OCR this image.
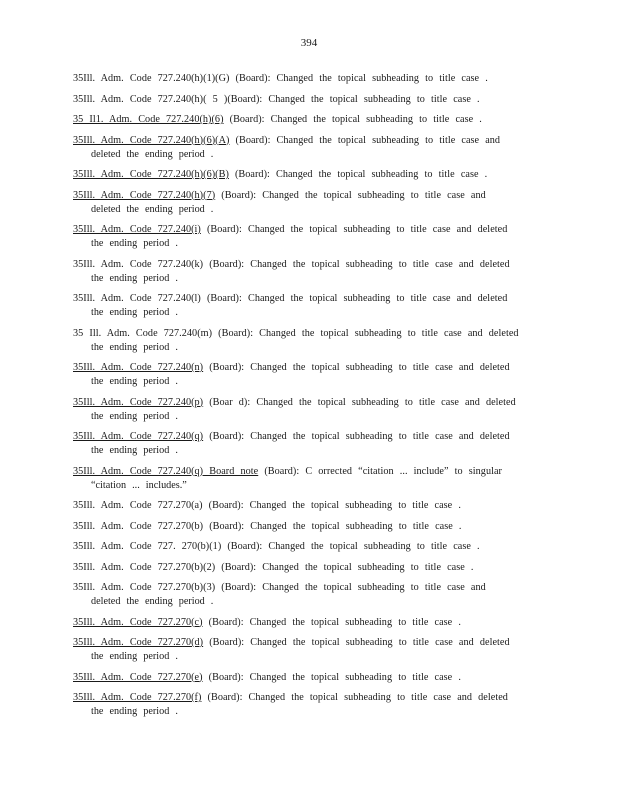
394
35Ill. Adm. Code 727.240(h)(1)(G) (Board): Changed the topical subheading to title case .
35Ill. Adm. Code 727.240(h)( 5 )(Board): Changed the topical subheading to title case .
35 Il1. Adm. Code 727.240(h)(6) (Board): Changed the topical subheading to title case .
35Ill. Adm. Code 727.240(h)(6)(A) (Board): Changed the topical subheading to title case and
deleted the ending period .
35Ill. Adm. Code 727.240(h)(6)(B) (Board): Changed the topical subheading to title case .
35Ill. Adm. Code 727.240(h)(7) (Board): Changed the topical subheading to title case and
deleted the ending period .
35Ill. Adm. Code 727.240(i) (Board): Changed the topical subheading to title case and deleted
the ending period .
35Ill. Adm. Code 727.240(k) (Board): Changed the topical subheading to title case and deleted
the ending period .
35Ill. Adm. Code 727.240(l) (Board): Changed the topical subheading to title case and deleted
the ending period .
35 Ill. Adm. Code 727.240(m) (Board): Changed the topical subheading to title case and deleted
the ending period .
35Ill. Adm. Code 727.240(n) (Board): Changed the topical subheading to title case and deleted
the ending period .
35Ill. Adm. Code 727.240(p) (Boar d): Changed the topical subheading to title case and deleted
the ending period .
35Ill. Adm. Code 727.240(q) (Board): Changed the topical subheading to title case and deleted
the ending period .
35Ill. Adm. Code 727.240(q) Board note (Board): C orrected “citation ... include” to singular
“citation ... includes.”
35Ill. Adm. Code 727.270(a) (Board): Changed the topical subheading to title case .
35Ill. Adm. Code 727.270(b) (Board): Changed the topical subheading to title case .
35Ill. Adm. Code 727. 270(b)(1) (Board): Changed the topical subheading to title case .
35Ill. Adm. Code 727.270(b)(2) (Board): Changed the topical subheading to title case .
35Ill. Adm. Code 727.270(b)(3) (Board): Changed the topical subheading to title case and
deleted the ending period .
35Ill. Adm. Code 727.270(c) (Board): Changed the topical subheading to title case .
35Ill. Adm. Code 727.270(d) (Board): Changed the topical subheading to title case and deleted
the ending period .
35Ill. Adm. Code 727.270(e) (Board): Changed the topical subheading to title case .
35Ill. Adm. Code 727.270(f) (Board): Changed the topical subheading to title case and deleted
the ending period .
